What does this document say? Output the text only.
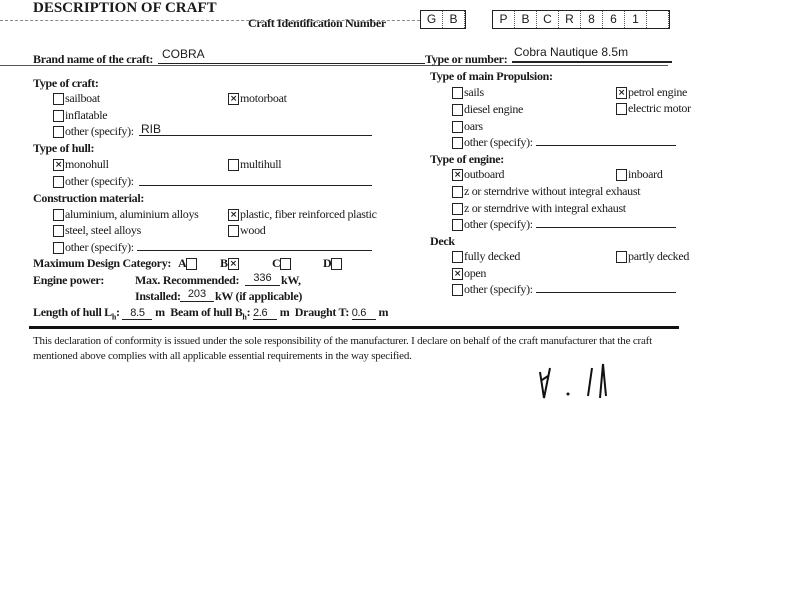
DESCRIPTION OF CRAFT
Craft Identification Number	G	B	P	B	C	R	8	6	1
Brand name of the craft: COBRA	Type or number: Cobra Nautique 8.5m
Type of craft:
sailboat	× motorboat
inflatable
other (specify): RIB
Type of hull:
× monohull	multihull
other (specify):
Construction material:
aluminium, aluminium alloys	× plastic, fiber reinforced plastic
steel, steel alloys	wood
other (specify):
Maximum Design Category: A	B ×	C	D
Engine power:	Max. Recommended:	336 kW,
Installed: 203 kW (if applicable)
Length of hull $L_h$: 8.5 m Beam of hull $B_h$: 2.6 m Draught T: 0.6 m
Type of main Propulsion:
sails	× petrol engine
diesel engine	electric motor
oars
other (specify):
Type of engine:
× outboard	inboard
z or sterndrive without integral exhaust
z or sterndrive with integral exhaust
other (specify):
Deck
fully decked	partly decked
× open
other (specify):
This declaration of conformity is issued under the sole responsibility of the manufacturer. I declare on behalf of the craft manufacturer that the craft
mentioned above complies with all applicable essential requirements in the way specified.
